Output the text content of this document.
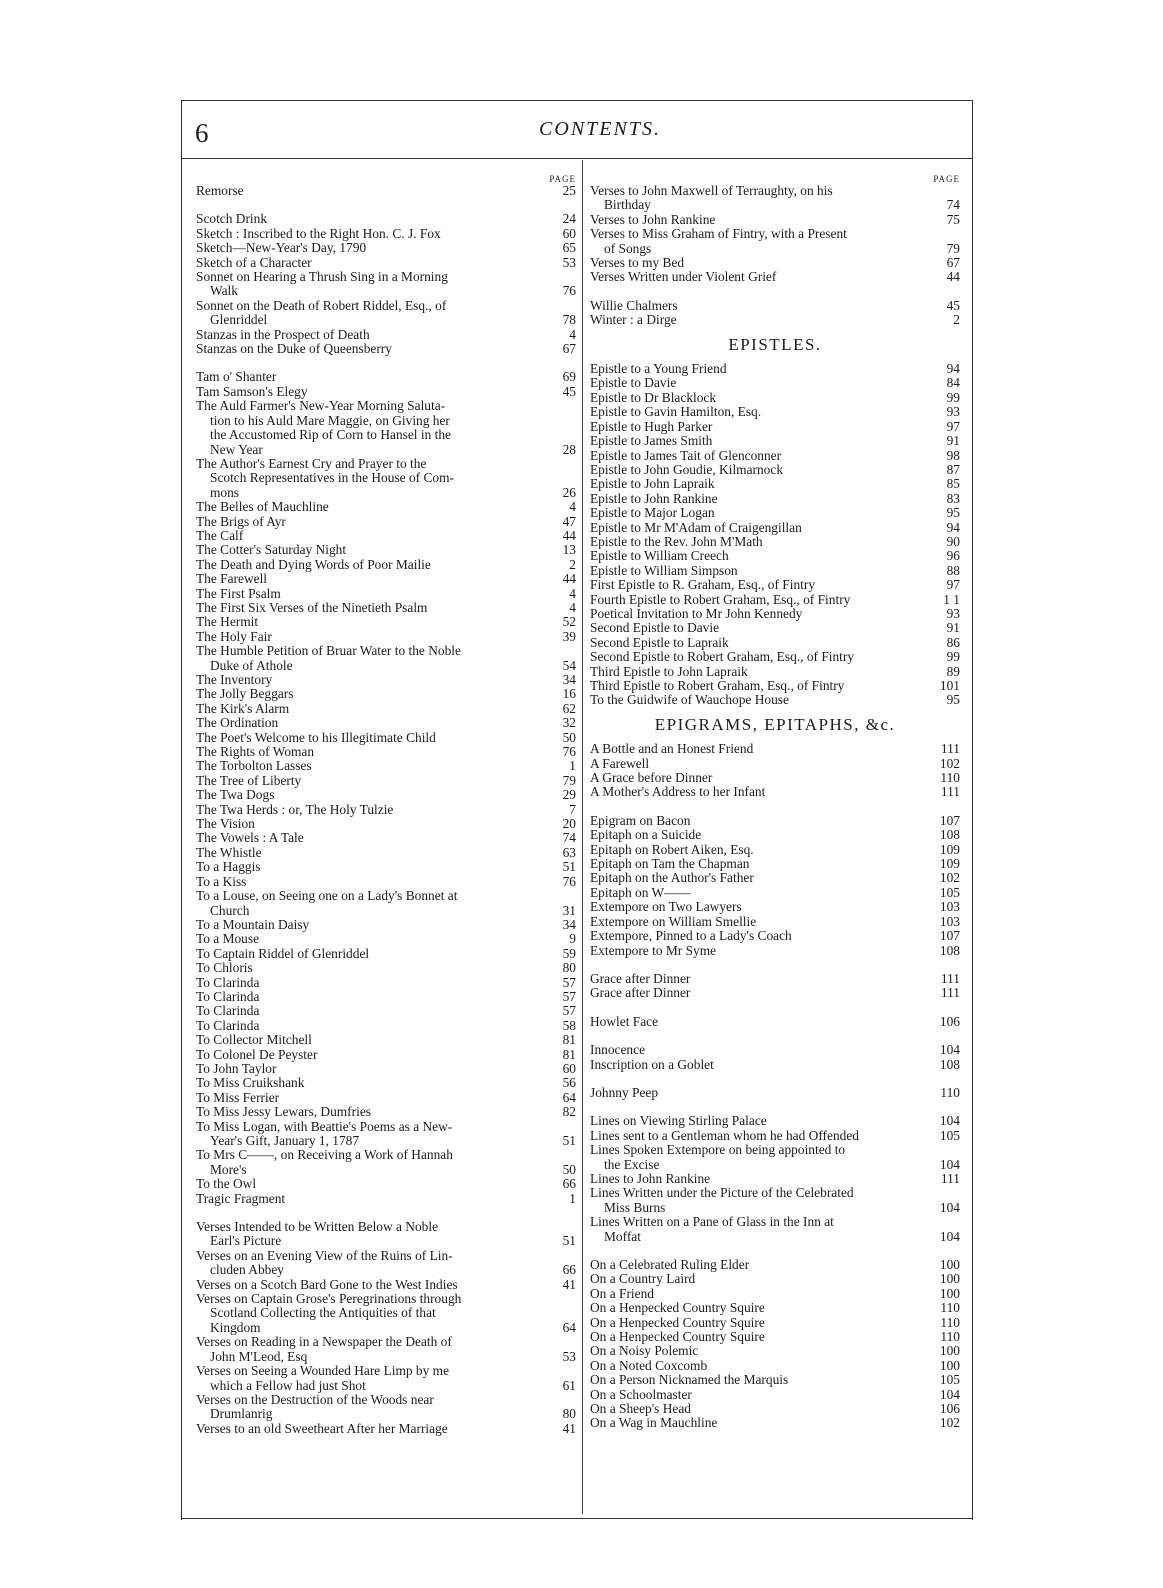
6	CONTENTS.
PAGE
Remorse	25
Scotch Drink	24
Sketch : Inscribed to the Right Hon. C. J. Fox	60
Sketch—New-Year's Day, 1790	65
Sketch of a Character	53
Sonnet on Hearing a Thrush Sing in a Morning
Walk	76
Sonnet on the Death of Robert Riddel, Esq., of
Glenriddel	78
Stanzas in the Prospect of Death	4
Stanzas on the Duke of Queensberry	67
Tam o' Shanter	69
Tam Samson's Elegy	45
The Auld Farmer's New-Year Morning Saluta-
tion to his Auld Mare Maggie, on Giving her
the Accustomed Rip of Corn to Hansel in the
New Year	28
The Author's Earnest Cry and Prayer to the
Scotch Representatives in the House of Com-
mons	26
The Belles of Mauchline	4
The Brigs of Ayr	47
The Calf	44
The Cotter's Saturday Night	13
The Death and Dying Words of Poor Mailie	2
The Farewell	44
The First Psalm	4
The First Six Verses of the Ninetieth Psalm	4
The Hermit	52
The Holy Fair	39
The Humble Petition of Bruar Water to the Noble
Duke of Athole	54
The Inventory	34
The Jolly Beggars	16
The Kirk's Alarm	62
The Ordination	32
The Poet's Welcome to his Illegitimate Child	50
The Rights of Woman	76
The Torbolton Lasses	1
The Tree of Liberty	79
The Twa Dogs	29
The Twa Herds : or, The Holy Tulzie	7
The Vision	20
The Vowels : A Tale	74
The Whistle	63
To a Haggis	51
To a Kiss	76
To a Louse, on Seeing one on a Lady's Bonnet at
Church	31
To a Mountain Daisy	34
To a Mouse	9
To Captain Riddel of Glenriddel	59
To Chloris	80
To Clarinda	57
To Clarinda	57
To Clarinda	57
To Clarinda	58
To Collector Mitchell	81
To Colonel De Peyster	81
To John Taylor	60
To Miss Cruikshank	56
To Miss Ferrier	64
To Miss Jessy Lewars, Dumfries	82
To Miss Logan, with Beattie's Poems as a New-
Year's Gift, January 1, 1787	51
To Mrs C——, on Receiving a Work of Hannah
More's	50
To the Owl	66
Tragic Fragment	1
Verses Intended to be Written Below a Noble
Earl's Picture	51
Verses on an Evening View of the Ruins of Lin-
cluden Abbey	66
Verses on a Scotch Bard Gone to the West Indies	41
Verses on Captain Grose's Peregrinations through
Scotland Collecting the Antiquities of that
Kingdom	64
Verses on Reading in a Newspaper the Death of
John M'Leod, Esq	53
Verses on Seeing a Wounded Hare Limp by me
which a Fellow had just Shot	61
Verses on the Destruction of the Woods near
Drumlanrig	80
Verses to an old Sweetheart After her Marriage	41
PAGE
Verses to John Maxwell of Terraughty, on his
Birthday	74
Verses to John Rankine	75
Verses to Miss Graham of Fintry, with a Present
of Songs	79
Verses to my Bed	67
Verses Written under Violent Grief	44
Willie Chalmers	45
Winter : a Dirge	2
EPISTLES.
Epistle to a Young Friend	94
Epistle to Davie	84
Epistle to Dr Blacklock	99
Epistle to Gavin Hamilton, Esq.	93
Epistle to Hugh Parker	97
Epistle to James Smith	91
Epistle to James Tait of Glenconner	98
Epistle to John Goudie, Kilmarnock	87
Epistle to John Lapraik	85
Epistle to John Rankine	83
Epistle to Major Logan	95
Epistle to Mr M'Adam of Craigengillan	94
Epistle to the Rev. John M'Math	90
Epistle to William Creech	96
Epistle to William Simpson	88
First Epistle to R. Graham, Esq., of Fintry	97
Fourth Epistle to Robert Graham, Esq., of Fintry	1 1
Poetical Invitation to Mr John Kennedy	93
Second Epistle to Davie	91
Second Epistle to Lapraik	86
Second Epistle to Robert Graham, Esq., of Fintry	99
Third Epistle to John Lapraik	89
Third Epistle to Robert Graham, Esq., of Fintry	101
To the Guidwife of Wauchope House	95
EPIGRAMS, EPITAPHS, &c.
A Bottle and an Honest Friend	111
A Farewell	102
A Grace before Dinner	110
A Mother's Address to her Infant	111
Epigram on Bacon	107
Epitaph on a Suicide	108
Epitaph on Robert Aiken, Esq.	109
Epitaph on Tam the Chapman	109
Epitaph on the Author's Father	102
Epitaph on W——	105
Extempore on Two Lawyers	103
Extempore on William Smellie	103
Extempore, Pinned to a Lady's Coach	107
Extempore to Mr Syme	108
Grace after Dinner	111
Grace after Dinner	111
Howlet Face	106
Innocence	104
Inscription on a Goblet	108
Johnny Peep	110
Lines on Viewing Stirling Palace	104
Lines sent to a Gentleman whom he had Offended	105
Lines Spoken Extempore on being appointed to
the Excise	104
Lines to John Rankine	111
Lines Written under the Picture of the Celebrated
Miss Burns	104
Lines Written on a Pane of Glass in the Inn at
Moffat	104
On a Celebrated Ruling Elder	100
On a Country Laird	100
On a Friend	100
On a Henpecked Country Squire	110
On a Henpecked Country Squire	110
On a Henpecked Country Squire	110
On a Noisy Polemic	100
On a Noted Coxcomb	100
On a Person Nicknamed the Marquis	105
On a Schoolmaster	104
On a Sheep's Head	106
On a Wag in Mauchline	102
